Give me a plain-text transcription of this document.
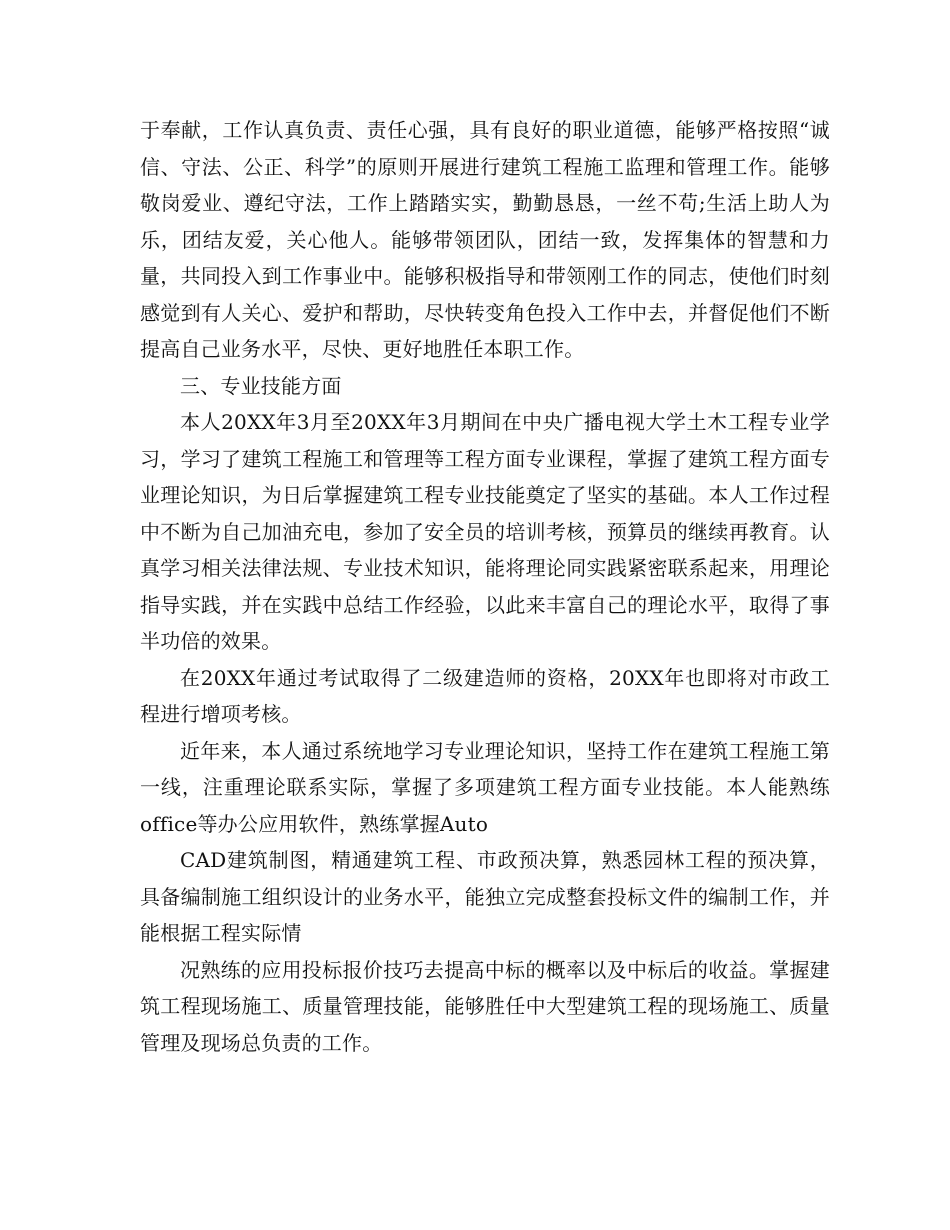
于奉献，工作认真负责、责任心强，具有良好的职业道德，能够严格按照“诚信、守法、公正、科学”的原则开展进行建筑工程施工监理和管理工作。能够敬岗爱业、遵纪守法，工作上踏踏实实，勤勤恳恳，一丝不苟;生活上助人为乐，团结友爱，关心他人。能够带领团队，团结一致，发挥集体的智慧和力量，共同投入到工作事业中。能够积极指导和带领刚工作的同志，使他们时刻感觉到有人关心、爱护和帮助，尽快转变角色投入工作中去，并督促他们不断提高自己业务水平，尽快、更好地胜任本职工作。

三、专业技能方面

本人20XX年3月至20XX年3月期间在中央广播电视大学土木工程专业学习，学习了建筑工程施工和管理等工程方面专业课程，掌握了建筑工程方面专业理论知识，为日后掌握建筑工程专业技能奠定了坚实的基础。本人工作过程中不断为自己加油充电，参加了安全员的培训考核，预算员的继续再教育。认真学习相关法律法规、专业技术知识，能将理论同实践紧密联系起来，用理论指导实践，并在实践中总结工作经验，以此来丰富自己的理论水平，取得了事半功倍的效果。

在20XX年通过考试取得了二级建造师的资格，20XX年也即将对市政工程进行增项考核。

近年来，本人通过系统地学习专业理论知识，坚持工作在建筑工程施工第一线，注重理论联系实际，掌握了多项建筑工程方面专业技能。本人能熟练office等办公应用软件，熟练掌握Auto

CAD建筑制图，精通建筑工程、市政预决算，熟悉园林工程的预决算，具备编制施工组织设计的业务水平，能独立完成整套投标文件的编制工作，并能根据工程实际情

况熟练的应用投标报价技巧去提高中标的概率以及中标后的收益。掌握建筑工程现场施工、质量管理技能，能够胜任中大型建筑工程的现场施工、质量管理及现场总负责的工作。
